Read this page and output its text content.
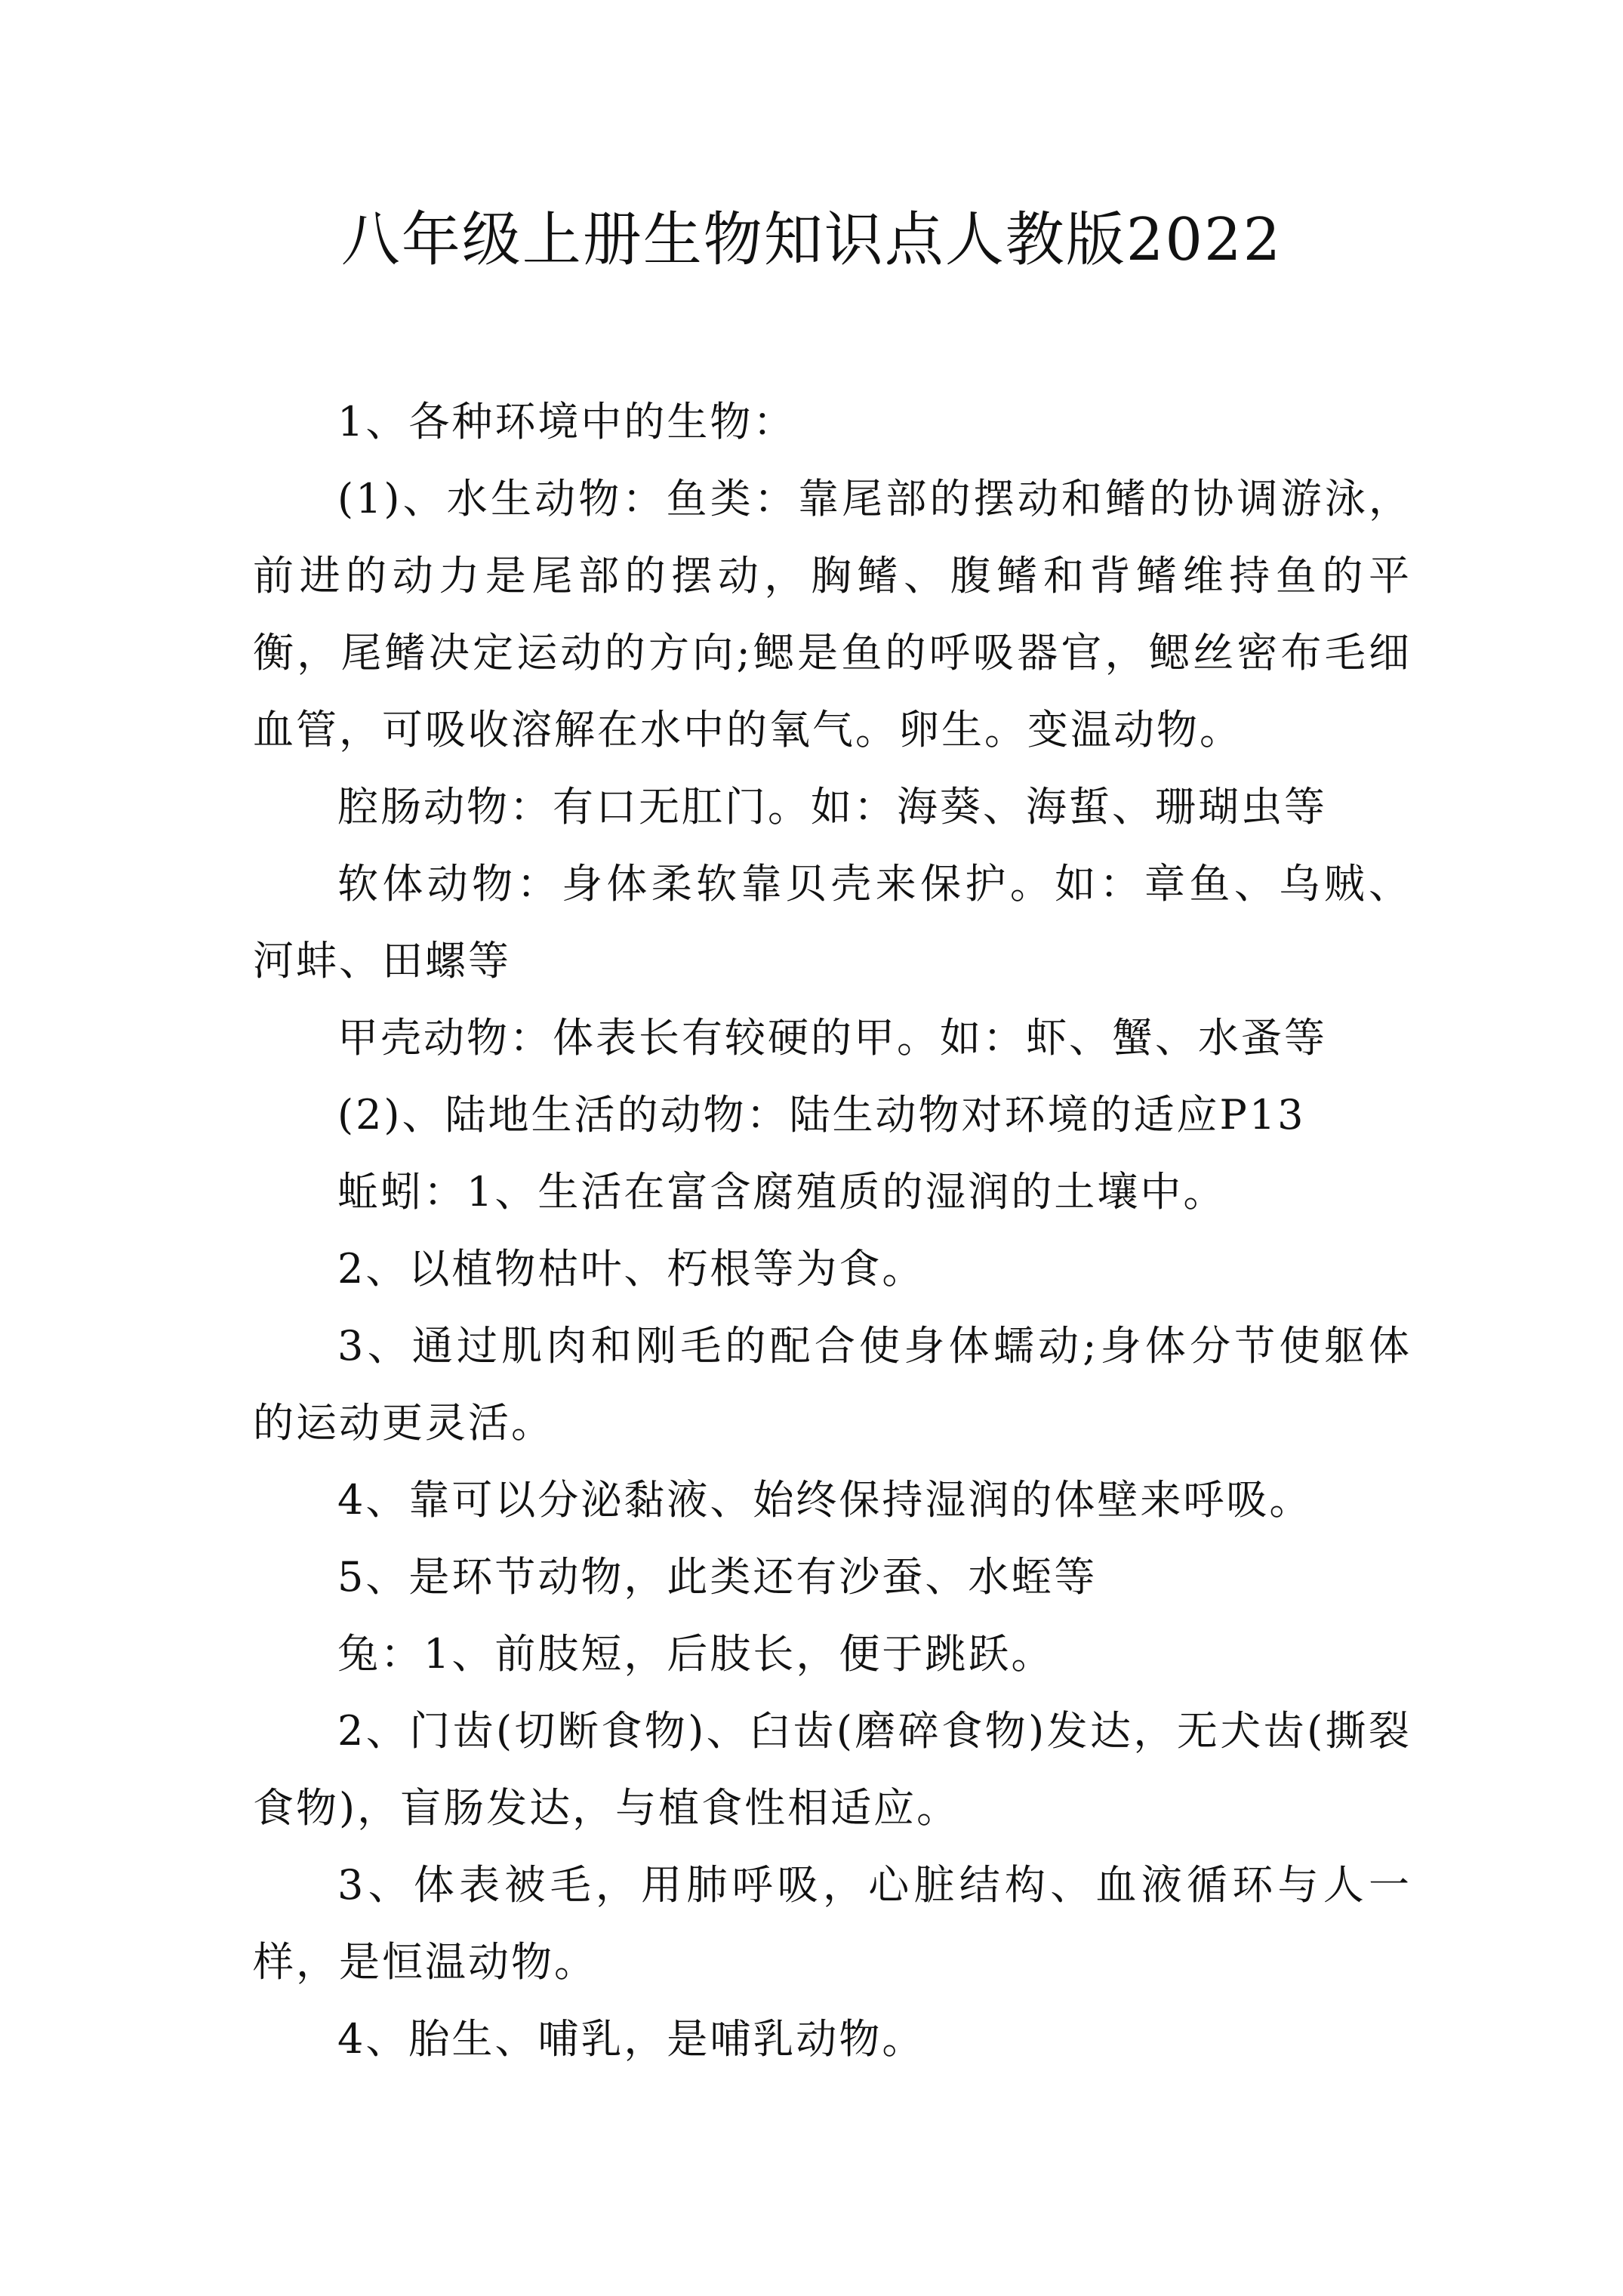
八年级上册生物知识点人教版2022

1、各种环境中的生物：

(1)、水生动物：鱼类：靠尾部的摆动和鳍的协调游泳，前进的动力是尾部的摆动，胸鳍、腹鳍和背鳍维持鱼的平衡，尾鳍决定运动的方向;鳃是鱼的呼吸器官，鳃丝密布毛细血管，可吸收溶解在水中的氧气。卵生。变温动物。

腔肠动物：有口无肛门。如：海葵、海蜇、珊瑚虫等

软体动物：身体柔软靠贝壳来保护。如：章鱼、乌贼、河蚌、田螺等

甲壳动物：体表长有较硬的甲。如：虾、蟹、水蚤等

(2)、陆地生活的动物：陆生动物对环境的适应P13

蚯蚓：1、生活在富含腐殖质的湿润的土壤中。

2、以植物枯叶、朽根等为食。

3、通过肌肉和刚毛的配合使身体蠕动;身体分节使躯体的运动更灵活。

4、靠可以分泌黏液、始终保持湿润的体壁来呼吸。

5、是环节动物，此类还有沙蚕、水蛭等

兔：1、前肢短，后肢长，便于跳跃。

2、门齿(切断食物)、臼齿(磨碎食物)发达，无犬齿(撕裂食物)，盲肠发达，与植食性相适应。

3、体表被毛，用肺呼吸，心脏结构、血液循环与人一样，是恒温动物。

4、胎生、哺乳，是哺乳动物。
